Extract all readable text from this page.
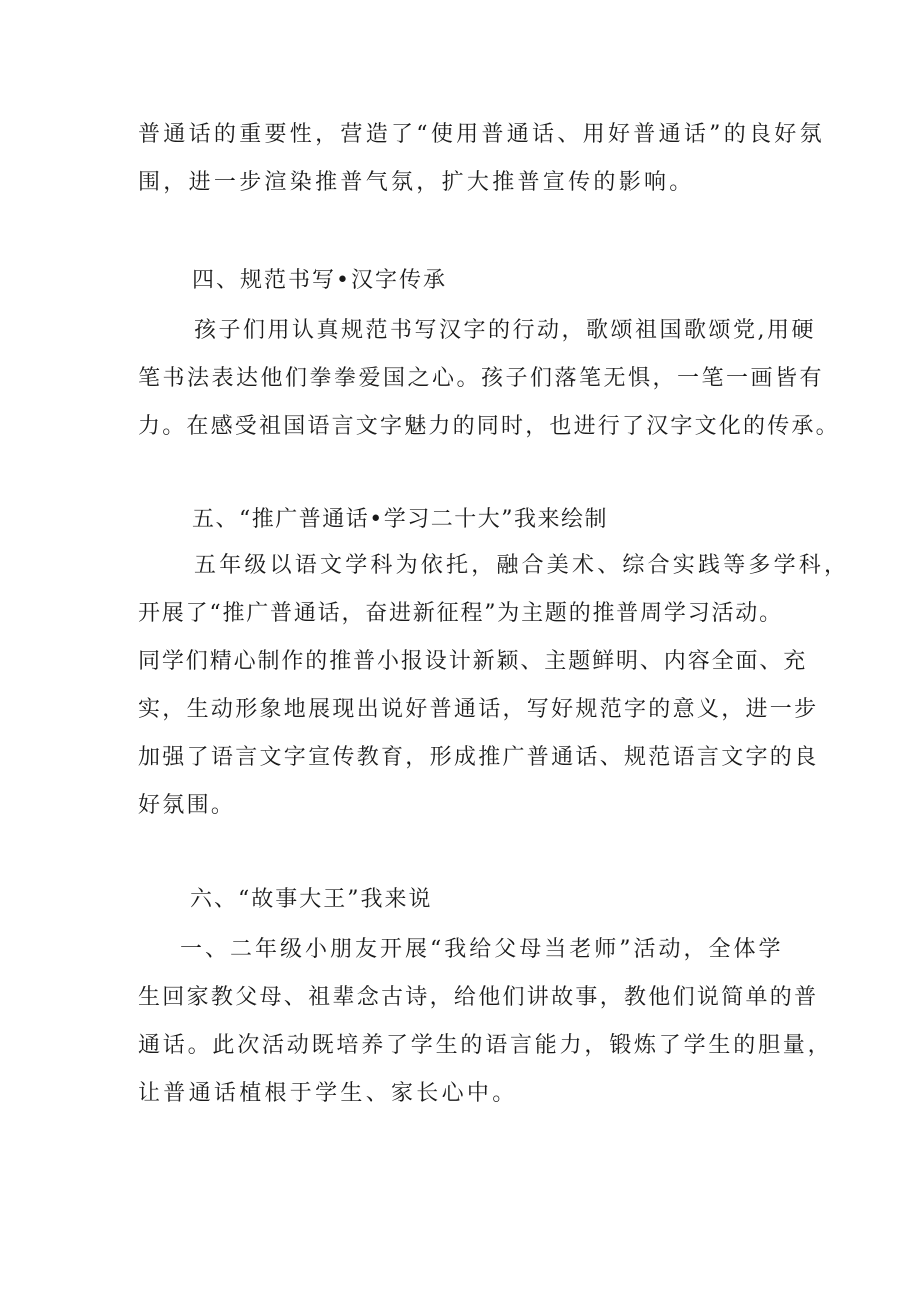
普通话的重要性，营造了“使用普通话、用好普通话”的良好氛
围，进一步渲染推普气氛，扩大推普宣传的影响。
四、规范书写•汉字传承
孩子们用认真规范书写汉字的行动，歌颂祖国歌颂党,用硬
笔书法表达他们拳拳爱国之心。孩子们落笔无惧，一笔一画皆有
力。在感受祖国语言文字魅力的同时，也进行了汉字文化的传承。
五、“推广普通话•学习二十大”我来绘制
五年级以语文学科为依托，融合美术、综合实践等多学科，
开展了“推广普通话，奋进新征程”为主题的推普周学习活动。
同学们精心制作的推普小报设计新颖、主题鲜明、内容全面、充
实，生动形象地展现出说好普通话，写好规范字的意义，进一步
加强了语言文字宣传教育，形成推广普通话、规范语言文字的良
好氛围。
六、“故事大王”我来说
一、二年级小朋友开展“我给父母当老师”活动，全体学
生回家教父母、祖辈念古诗，给他们讲故事，教他们说简单的普
通话。此次活动既培养了学生的语言能力，锻炼了学生的胆量，
让普通话植根于学生、家长心中。
